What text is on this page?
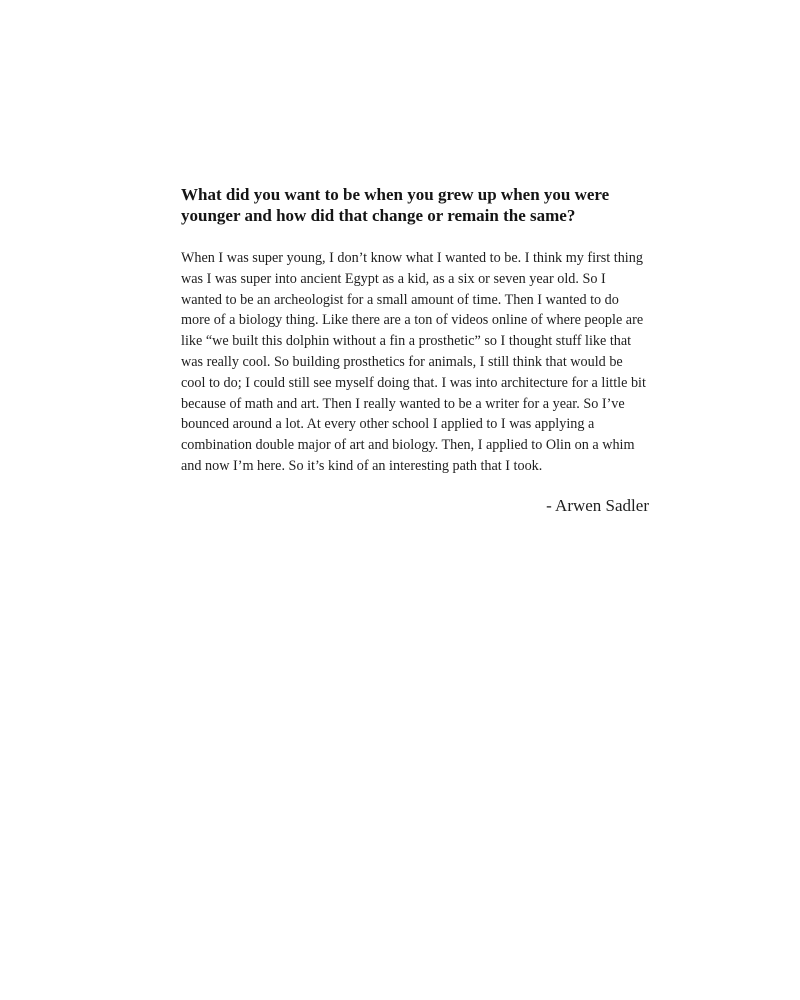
What did you want to be when you grew up when you were younger and how did that change or remain the same?

When I was super young, I don’t know what I wanted to be. I think my first thing was I was super into ancient Egypt as a kid, as a six or seven year old. So I wanted to be an archeologist for a small amount of time. Then I wanted to do more of a biology thing. Like there are a ton of videos online of where people are like “we built this dolphin without a fin a prosthetic” so I thought stuff like that was really cool. So building prosthetics for animals, I still think that would be cool to do; I could still see myself doing that. I was into architecture for a little bit because of math and art. Then I really wanted to be a writer for a year. So I’ve bounced around a lot. At every other school I applied to I was applying a combination double major of art and biology. Then, I applied to Olin on a whim and now I’m here. So it’s kind of an interesting path that I took.

- Arwen Sadler
